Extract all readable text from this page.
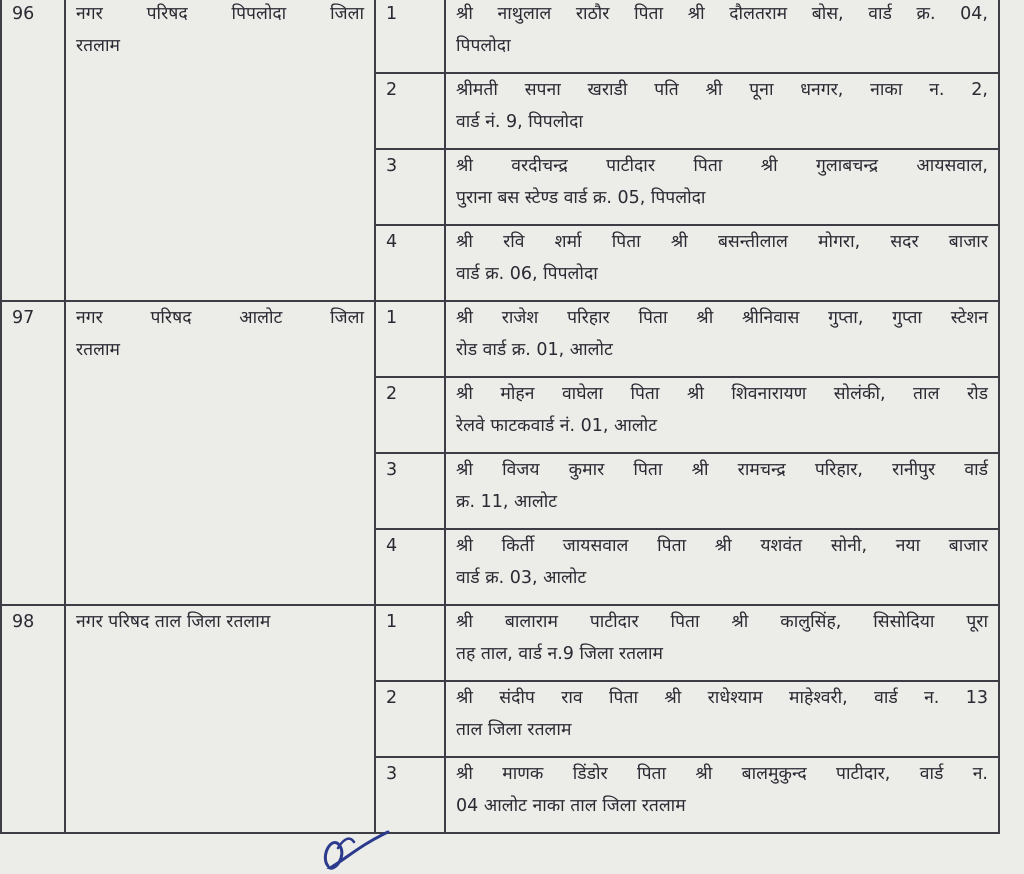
96	नगर परिषद पिपलोदा जिला
रतलाम	1	श्री नाथुलाल राठौर पिता श्री दौलतराम बोस, वार्ड क्र. 04,
पिपलोदा

		2	श्रीमती सपना खराडी पति श्री पूना धनगर, नाका न. 2,
वार्ड नं. 9, पिपलोदा

		3	श्री वरदीचन्द्र पाटीदार पिता श्री गुलाबचन्द्र आयसवाल,
पुराना बस स्टेण्ड वार्ड क्र. 05, पिपलोदा

		4	श्री रवि शर्मा पिता श्री बसन्तीलाल मोगरा, सदर बाजार
वार्ड क्र. 06, पिपलोदा

97	नगर परिषद आलोट जिला
रतलाम	1	श्री राजेश परिहार पिता श्री श्रीनिवास गुप्ता, गुप्ता स्टेशन
रोड वार्ड क्र. 01, आलोट

		2	श्री मोहन वाघेला पिता श्री शिवनारायण सोलंकी, ताल रोड
रेलवे फाटकवार्ड नं. 01, आलोट

		3	श्री विजय कुमार पिता श्री रामचन्द्र परिहार, रानीपुर वार्ड
क्र. 11, आलोट

		4	श्री किर्ती जायसवाल पिता श्री यशवंत सोनी, नया बाजार
वार्ड क्र. 03, आलोट

98	नगर परिषद ताल जिला रतलाम	1	श्री बालाराम पाटीदार पिता श्री कालुसिंह, सिसोदिया पूरा
तह ताल, वार्ड न.9 जिला रतलाम

		2	श्री संदीप राव पिता श्री राधेश्याम माहेश्वरी, वार्ड न. 13
ताल जिला रतलाम

		3	श्री माणक डिंडोर पिता श्री बालमुकुन्द पाटीदार, वार्ड न.
04 आलोट नाका ताल जिला रतलाम
